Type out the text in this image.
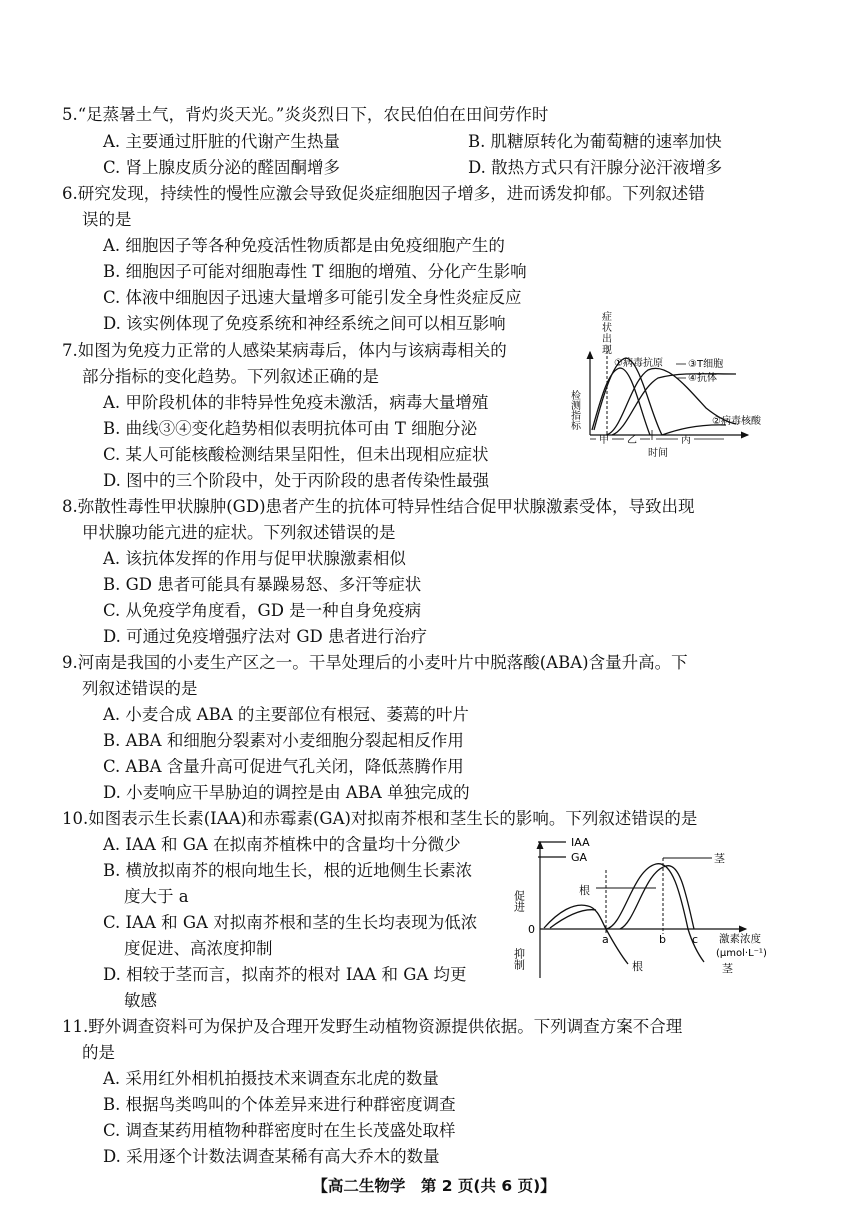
5.“足蒸暑土气，背灼炎天光。”炎炎烈日下，农民伯伯在田间劳作时
A. 主要通过肝脏的代谢产生热量	B. 肌糖原转化为葡萄糖的速率加快
C. 肾上腺皮质分泌的醛固酮增多	D. 散热方式只有汗腺分泌汗液增多
6.研究发现，持续性的慢性应激会导致促炎症细胞因子增多，进而诱发抑郁。下列叙述错
误的是
A. 细胞因子等各种免疫活性物质都是由免疫细胞产生的
B. 细胞因子可能对细胞毒性 T 细胞的增殖、分化产生影响
C. 体液中细胞因子迅速大量增多可能引发全身性炎症反应
D. 该实例体现了免疫系统和神经系统之间可以相互影响
7.如图为免疫力正常的人感染某病毒后，体内与该病毒相关的
部分指标的变化趋势。下列叙述正确的是
A. 甲阶段机体的非特异性免疫未激活，病毒大量增殖
B. 曲线③④变化趋势相似表明抗体可由 T 细胞分泌
C. 某人可能核酸检测结果呈阳性，但未出现相应症状
D. 图中的三个阶段中，处于丙阶段的患者传染性最强
检测指标
症
状
出
现
①病毒抗原	③T细胞
④抗体
②病毒核酸
甲 乙	丙
时间
8.弥散性毒性甲状腺肿(GD)患者产生的抗体可特异性结合促甲状腺激素受体，导致出现
甲状腺功能亢进的症状。下列叙述错误的是
A. 该抗体发挥的作用与促甲状腺激素相似
B. GD 患者可能具有暴躁易怒、多汗等症状
C. 从免疫学角度看，GD 是一种自身免疫病
D. 可通过免疫增强疗法对 GD 患者进行治疗
9.河南是我国的小麦生产区之一。干旱处理后的小麦叶片中脱落酸(ABA)含量升高。下
列叙述错误的是
A. 小麦合成 ABA 的主要部位有根冠、萎蔫的叶片
B. ABA 和细胞分裂素对小麦细胞分裂起相反作用
C. ABA 含量升高可促进气孔关闭，降低蒸腾作用
D. 小麦响应干旱胁迫的调控是由 ABA 单独完成的
10.如图表示生长素(IAA)和赤霉素(GA)对拟南芥根和茎生长的影响。下列叙述错误的是
A. IAA 和 GA 在拟南芥植株中的含量均十分微少
B. 横放拟南芥的根向地生长，根的近地侧生长素浓
度大于 a
C. IAA 和 GA 对拟南芥根和茎的生长均表现为低浓
度促进、高浓度抑制
D. 相较于茎而言，拟南芥的根对 IAA 和 GA 均更
敏感
IAA
GA
促进
抑制
0
根
根
茎
茎
a	b c 激素浓度
(μmol·L⁻¹)
11.野外调查资料可为保护及合理开发野生动植物资源提供依据。下列调查方案不合理
的是
A. 采用红外相机拍摄技术来调查东北虎的数量
B. 根据鸟类鸣叫的个体差异来进行种群密度调查
C. 调查某药用植物种群密度时在生长茂盛处取样
D. 采用逐个计数法调查某稀有高大乔木的数量
【高二生物学　第 2 页(共 6 页)】
